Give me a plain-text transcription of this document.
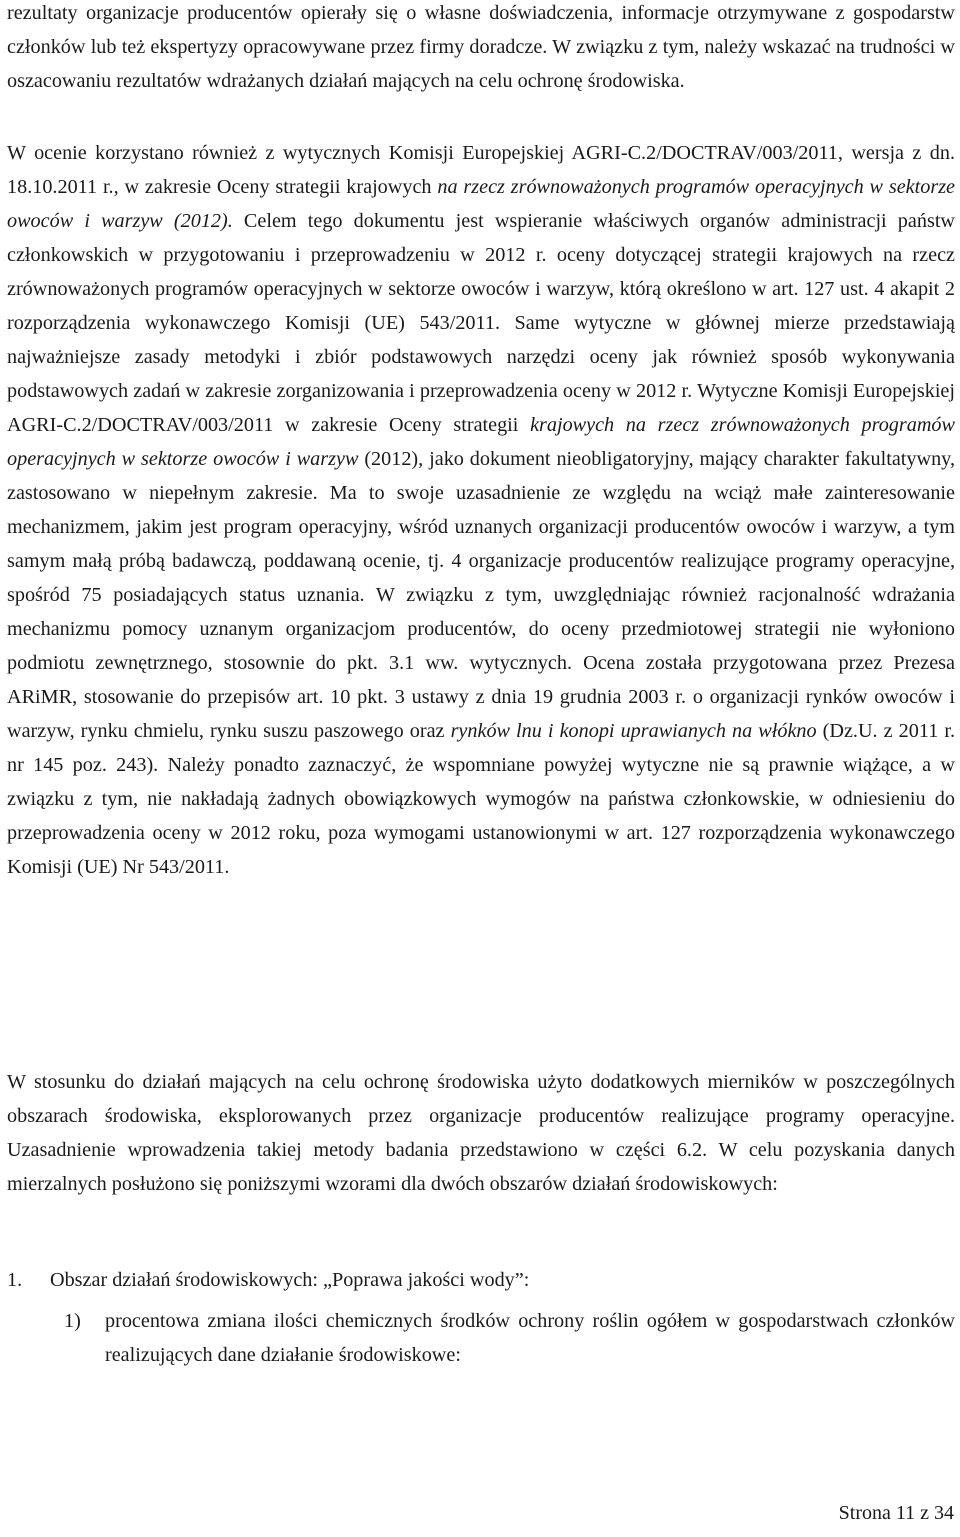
rezultaty organizacje producentów opierały się o własne doświadczenia, informacje otrzymywane z gospodarstw członków lub też ekspertyzy opracowywane przez firmy doradcze. W związku z tym, należy wskazać na trudności w oszacowaniu rezultatów wdrażanych działań mających na celu ochronę środowiska.

W ocenie korzystano również z wytycznych Komisji Europejskiej AGRI-C.2/DOCTRAV/003/2011, wersja z dn. 18.10.2011 r., w zakresie Oceny strategii krajowych na rzecz zrównoważonych programów operacyjnych w sektorze owoców i warzyw (2012). Celem tego dokumentu jest wspieranie właściwych organów administracji państw członkowskich w przygotowaniu i przeprowadzeniu w 2012 r. oceny dotyczącej strategii krajowych na rzecz zrównoważonych programów operacyjnych w sektorze owoców i warzyw, którą określono w art. 127 ust. 4 akapit 2 rozporządzenia wykonawczego Komisji (UE) 543/2011. Same wytyczne w głównej mierze przedstawiają najważniejsze zasady metodyki i zbiór podstawowych narzędzi oceny jak również sposób wykonywania podstawowych zadań w zakresie zorganizowania i przeprowadzenia oceny w 2012 r. Wytyczne Komisji Europejskiej AGRI-C.2/DOCTRAV/003/2011 w zakresie Oceny strategii krajowych na rzecz zrównoważonych programów operacyjnych w sektorze owoców i warzyw (2012), jako dokument nieobligatoryjny, mający charakter fakultatywny, zastosowano w niepełnym zakresie. Ma to swoje uzasadnienie ze względu na wciąż małe zainteresowanie mechanizmem, jakim jest program operacyjny, wśród uznanych organizacji producentów owoców i warzyw, a tym samym małą próbą badawczą, poddawaną ocenie, tj. 4 organizacje producentów realizujące programy operacyjne, spośród 75 posiadających status uznania. W związku z tym, uwzględniając również racjonalność wdrażania mechanizmu pomocy uznanym organizacjom producentów, do oceny przedmiotowej strategii nie wyłoniono podmiotu zewnętrznego, stosownie do pkt. 3.1 ww. wytycznych. Ocena została przygotowana przez Prezesa ARiMR, stosowanie do przepisów art. 10 pkt. 3 ustawy z dnia 19 grudnia 2003 r. o organizacji rynków owoców i warzyw, rynku chmielu, rynku suszu paszowego oraz rynków lnu i konopi uprawianych na włókno (Dz.U. z 2011 r. nr 145 poz. 243). Należy ponadto zaznaczyć, że wspomniane powyżej wytyczne nie są prawnie wiążące, a w związku z tym, nie nakładają żadnych obowiązkowych wymogów na państwa członkowskie, w odniesieniu do przeprowadzenia oceny w 2012 roku, poza wymogami ustanowionymi w art. 127 rozporządzenia wykonawczego Komisji (UE) Nr 543/2011.

W stosunku do działań mających na celu ochronę środowiska użyto dodatkowych mierników w poszczególnych obszarach środowiska, eksplorowanych przez organizacje producentów realizujące programy operacyjne. Uzasadnienie wprowadzenia takiej metody badania przedstawiono w części 6.2. W celu pozyskania danych mierzalnych posłużono się poniższymi wzorami dla dwóch obszarów działań środowiskowych:

1. Obszar działań środowiskowych: „Poprawa jakości wody”:
1) procentowa zmiana ilości chemicznych środków ochrony roślin ogółem w gospodarstwach członków realizujących dane działanie środowiskowe:

Strona 11 z 34
